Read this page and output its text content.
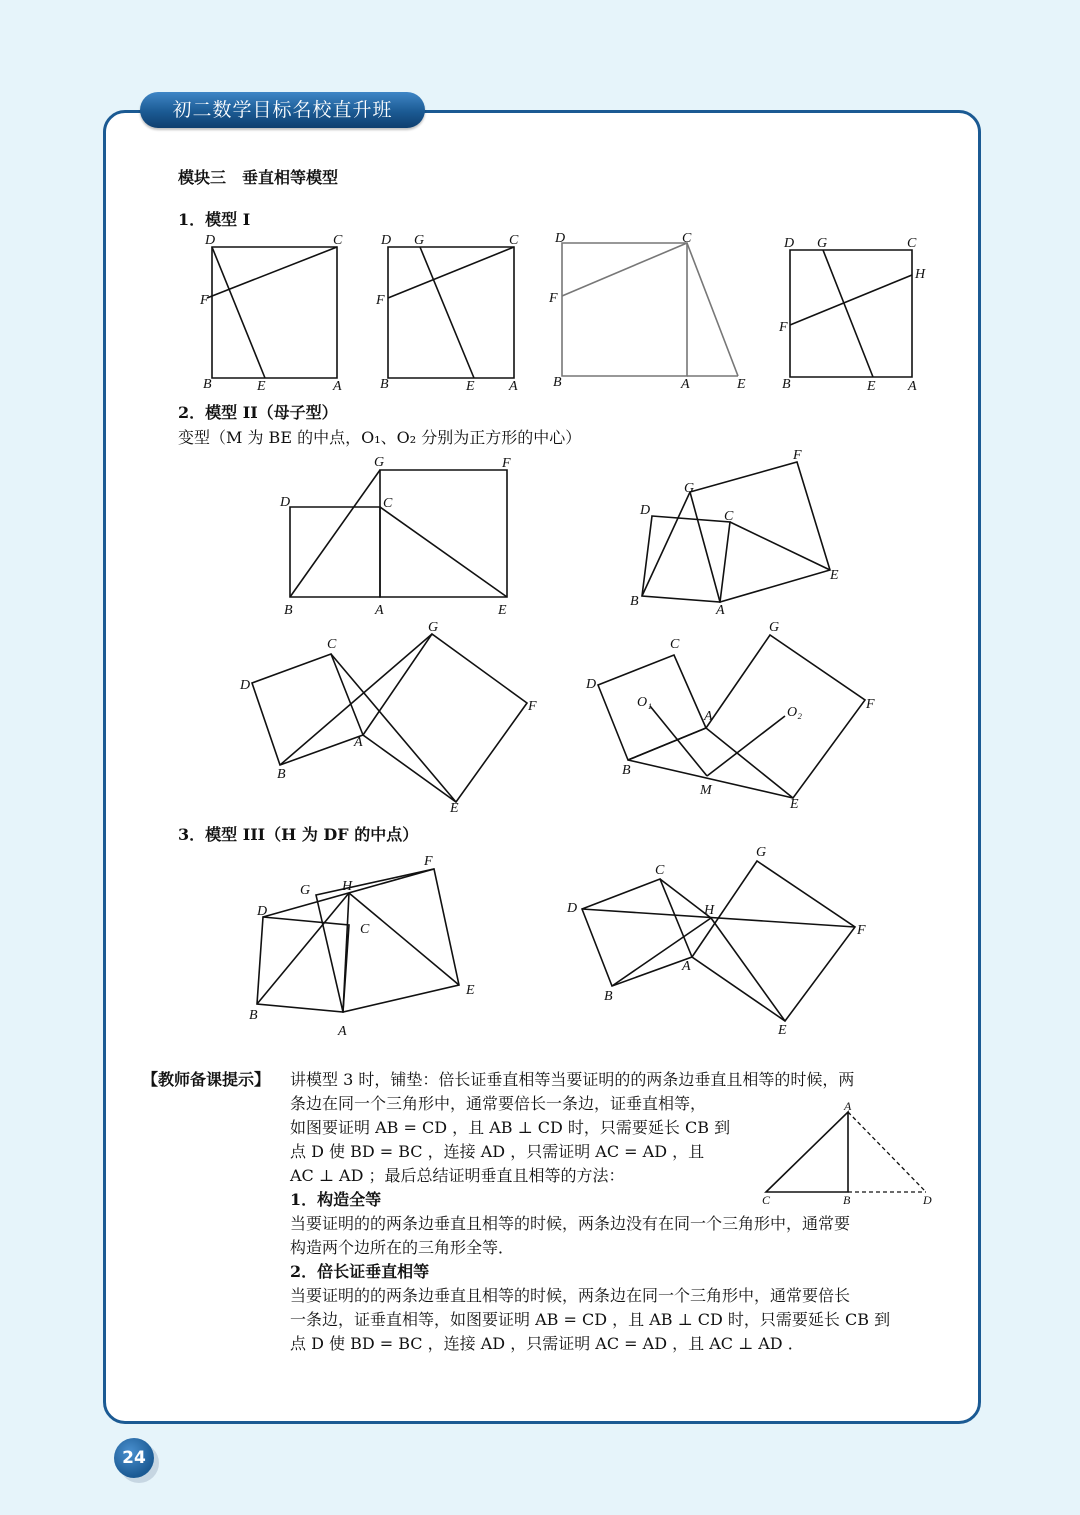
初二数学目标名校直升班
模块三　垂直相等模型
1．模型 I
D	C
F
B	E	A
D G	C
F
B	E A
D	C
F
B	A	E
D G	C
H
F
B	E A
2．模型 II（母子型）
变型（M 为 BE 的中点，O₁、O₂ 分别为正方形的中心）
G	F
D	C
B	A	E
F
G
D	C
E
B
A
G
C
D
F
A
B
E
G
C
D
O₁
A	O₂
F
B
M
E
3．模型 III（H 为 DF 的中点）
F
G H
D
C
E
B
A
G
C
D	H
F
A
B
E
【教师备课提示】 讲模型 3 时，铺垫：倍长证垂直相等当要证明的的两条边垂直且相等的时候，两
条边在同一个三角形中，通常要倍长一条边，证垂直相等，
如图要证明 AB = CD ，且 AB ⊥ CD 时，只需要延长 CB 到
点 D 使 BD = BC ，连接 AD ，只需证明 AC = AD ，且
AC ⊥ AD ；最后总结证明垂直且相等的方法：
1．构造全等
当要证明的的两条边垂直且相等的时候，两条边没有在同一个三角形中，通常要
构造两个边所在的三角形全等．
2．倍长证垂直相等
当要证明的的两条边垂直且相等的时候，两条边在同一个三角形中，通常要倍长
一条边，证垂直相等，如图要证明 AB = CD ，且 AB ⊥ CD 时，只需要延长 CB 到
点 D 使 BD = BC ，连接 AD ，只需证明 AC = AD ，且 AC ⊥ AD ．
A
C	B	D
24
